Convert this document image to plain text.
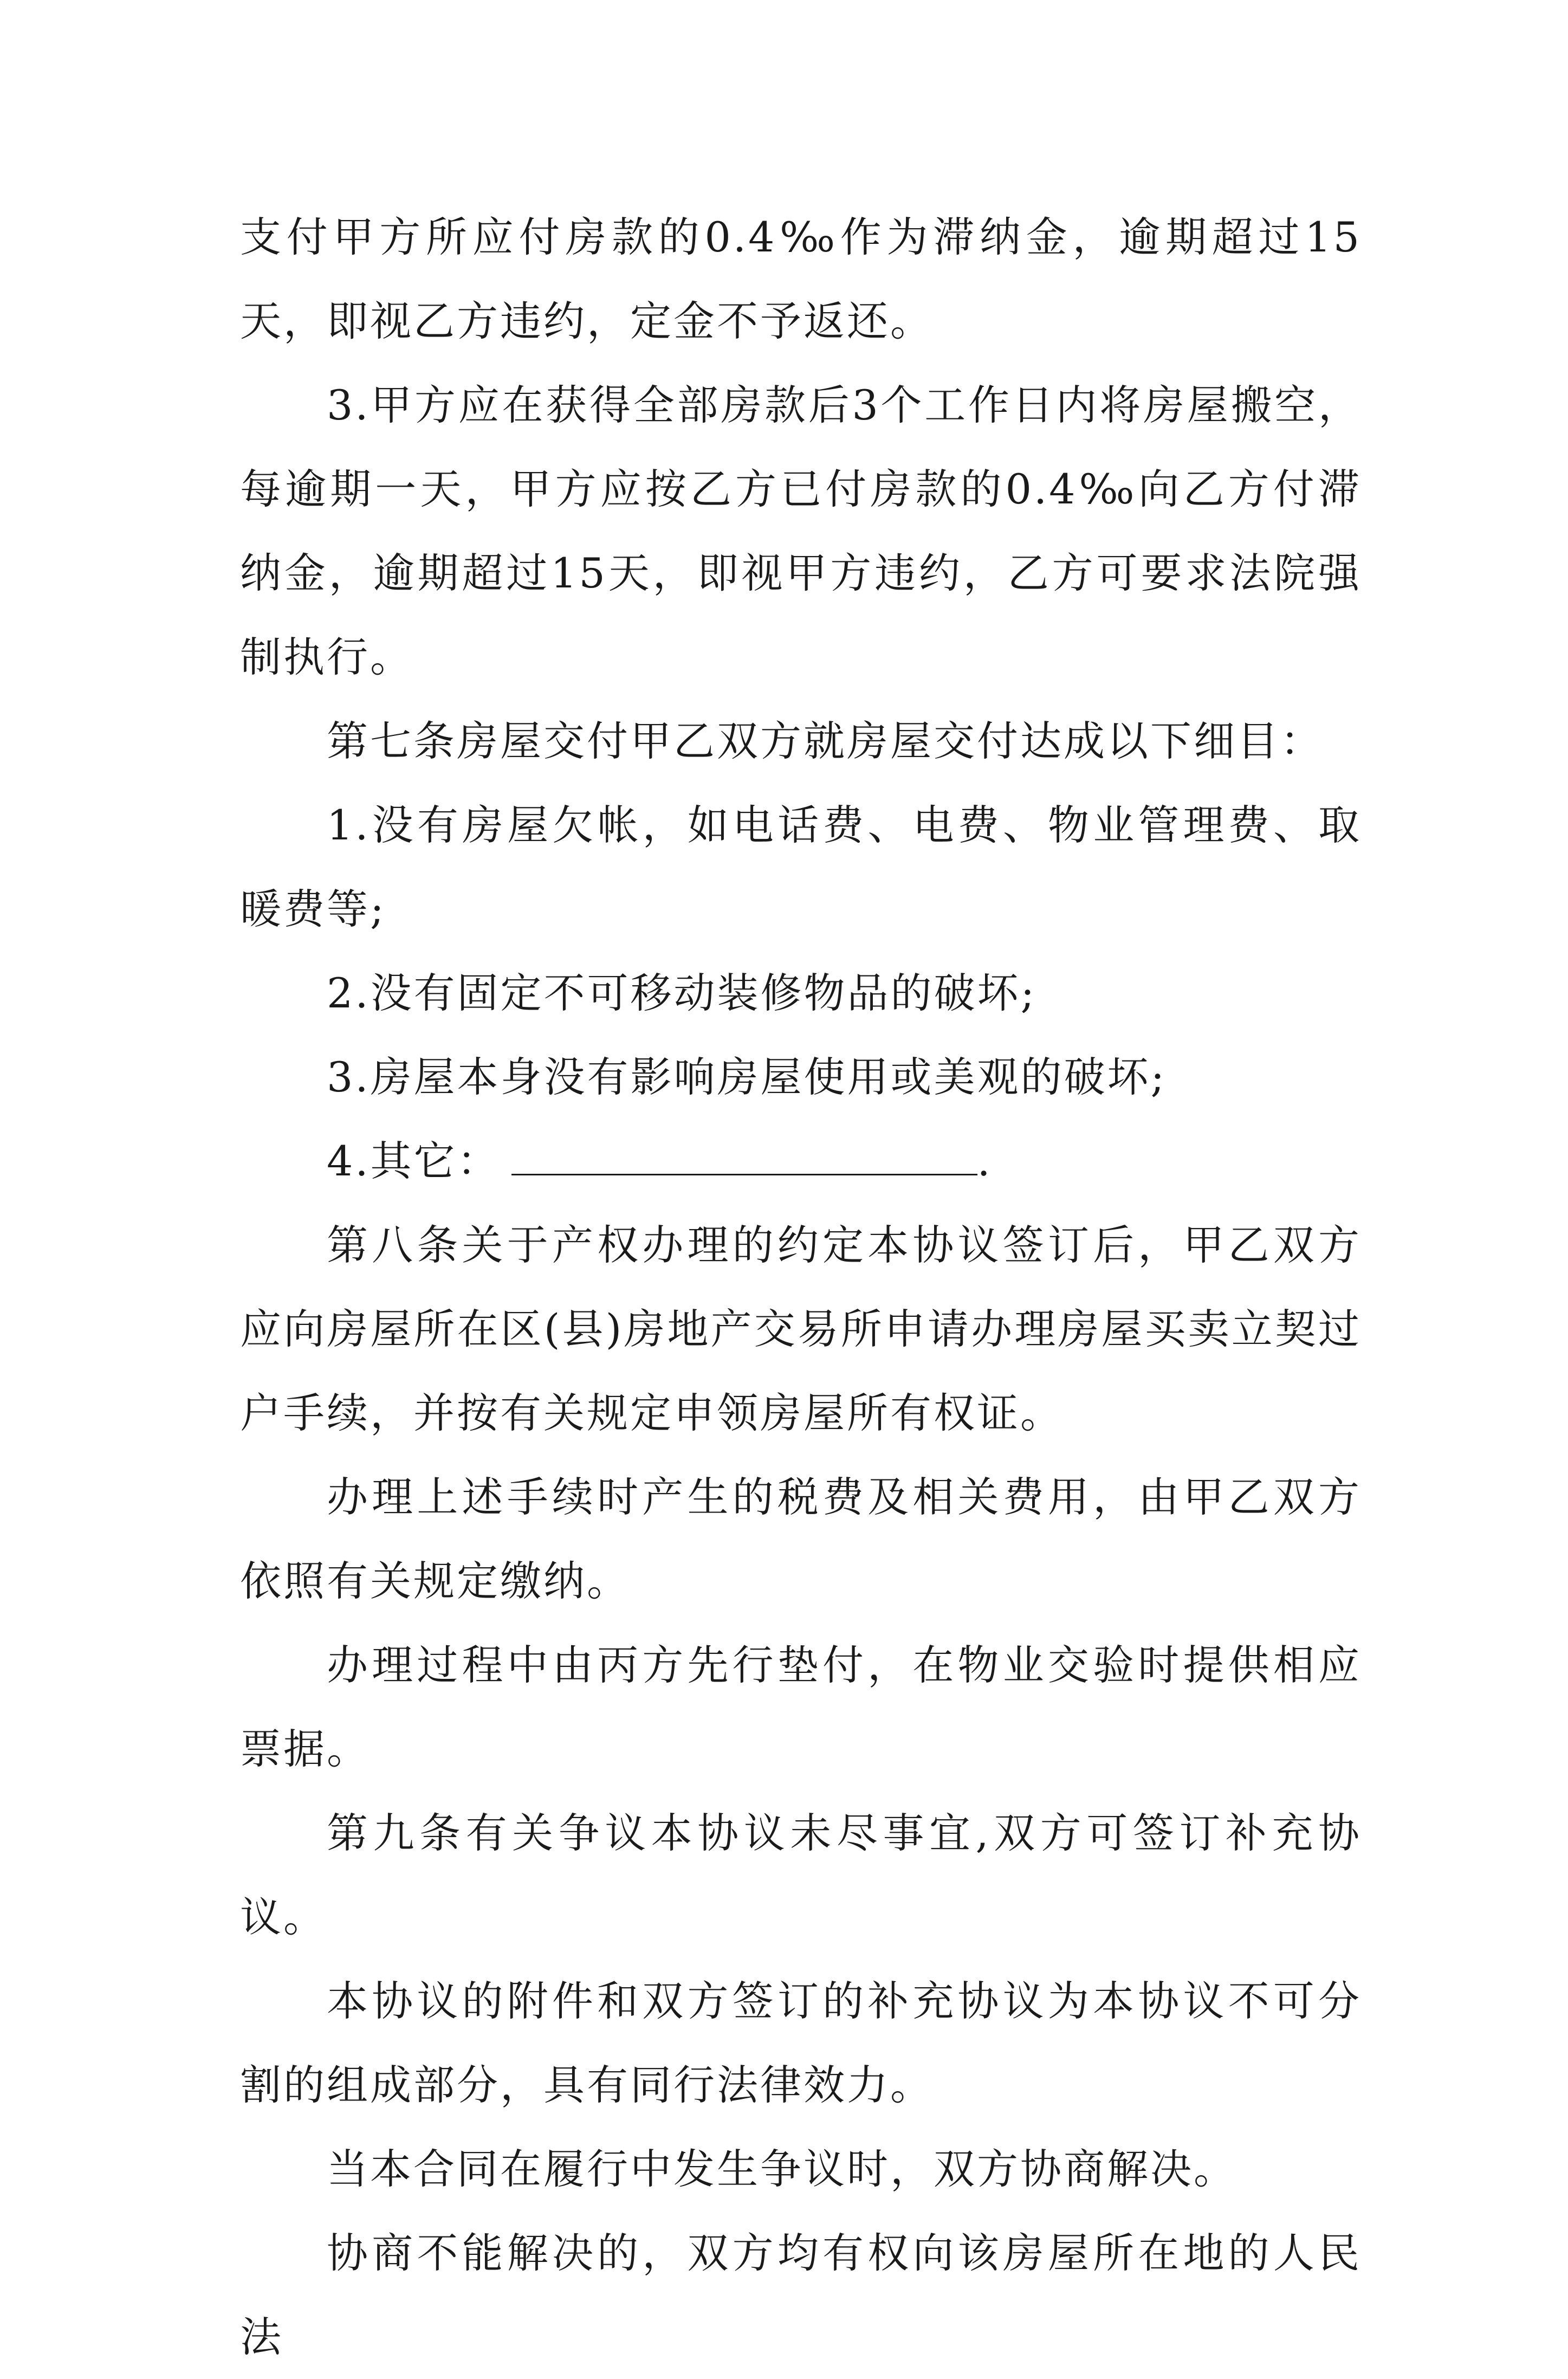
支付甲方所应付房款的0.4‰作为滞纳金，逾期超过15天，即视乙方违约，定金不予返还。

3.甲方应在获得全部房款后3个工作日内将房屋搬空，每逾期一天，甲方应按乙方已付房款的0.4‰向乙方付滞纳金，逾期超过15天，即视甲方违约，乙方可要求法院强制执行。

第七条房屋交付甲乙双方就房屋交付达成以下细目：

1.没有房屋欠帐，如电话费、电费、物业管理费、取暖费等;

2.没有固定不可移动装修物品的破坏;

3.房屋本身没有影响房屋使用或美观的破坏;

4.其它：	.

第八条关于产权办理的约定本协议签订后，甲乙双方应向房屋所在区(县)房地产交易所申请办理房屋买卖立契过户手续，并按有关规定申领房屋所有权证。

办理上述手续时产生的税费及相关费用，由甲乙双方依照有关规定缴纳。

办理过程中由丙方先行垫付，在物业交验时提供相应票据。

第九条有关争议本协议未尽事宜,双方可签订补充协议。

本协议的附件和双方签订的补充协议为本协议不可分割的组成部分，具有同行法律效力。

当本合同在履行中发生争议时，双方协商解决。

协商不能解决的，双方均有权向该房屋所在地的人民法
